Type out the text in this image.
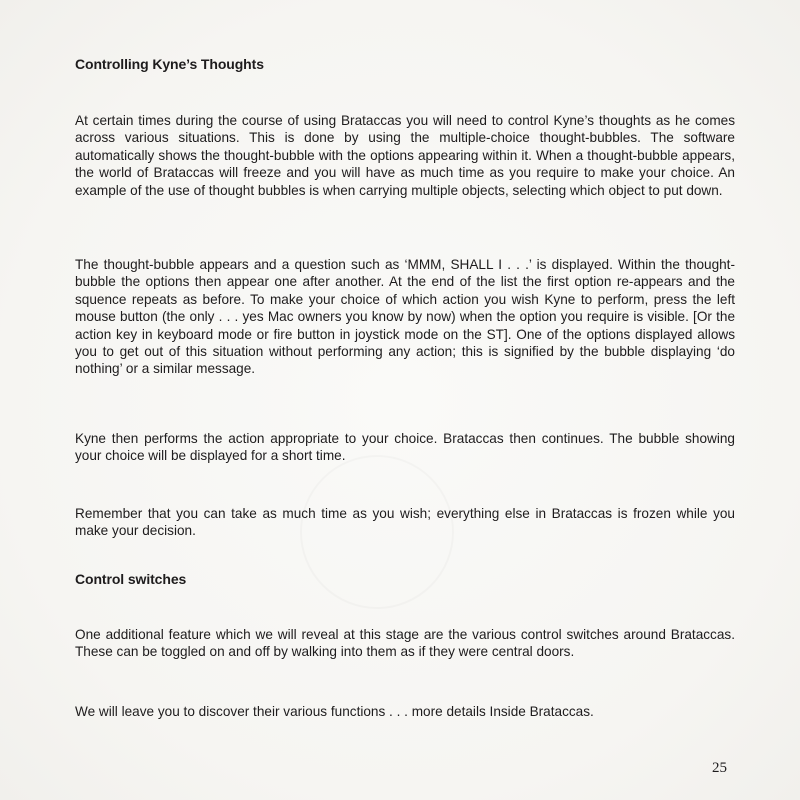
Controlling Kyne’s Thoughts

At certain times during the course of using Brataccas you will need to control Kyne’s thoughts as he comes across various situations. This is done by using the multiple-choice thought-bubbles. The software automatically shows the thought-bubble with the options appearing within it. When a thought-bubble appears, the world of Brataccas will freeze and you will have as much time as you require to make your choice. An example of the use of thought bubbles is when carrying multiple objects, selecting which object to put down.

The thought-bubble appears and a question such as ‘MMM, SHALL I . . .’ is displayed. Within the thought-bubble the options then appear one after another. At the end of the list the first option re-appears and the squence repeats as before. To make your choice of which action you wish Kyne to perform, press the left mouse button (the only . . . yes Mac owners you know by now) when the option you require is visible. [Or the action key in keyboard mode or fire button in joystick mode on the ST]. One of the options displayed allows you to get out of this situation without performing any action; this is signified by the bubble displaying ‘do nothing’ or a similar message.

Kyne then performs the action appropriate to your choice. Brataccas then continues. The bubble showing your choice will be displayed for a short time.

Remember that you can take as much time as you wish; everything else in Brataccas is frozen while you make your decision.

Control switches

One additional feature which we will reveal at this stage are the various control switches around Brataccas. These can be toggled on and off by walking into them as if they were central doors.

We will leave you to discover their various functions . . . more details Inside Brataccas.

25
